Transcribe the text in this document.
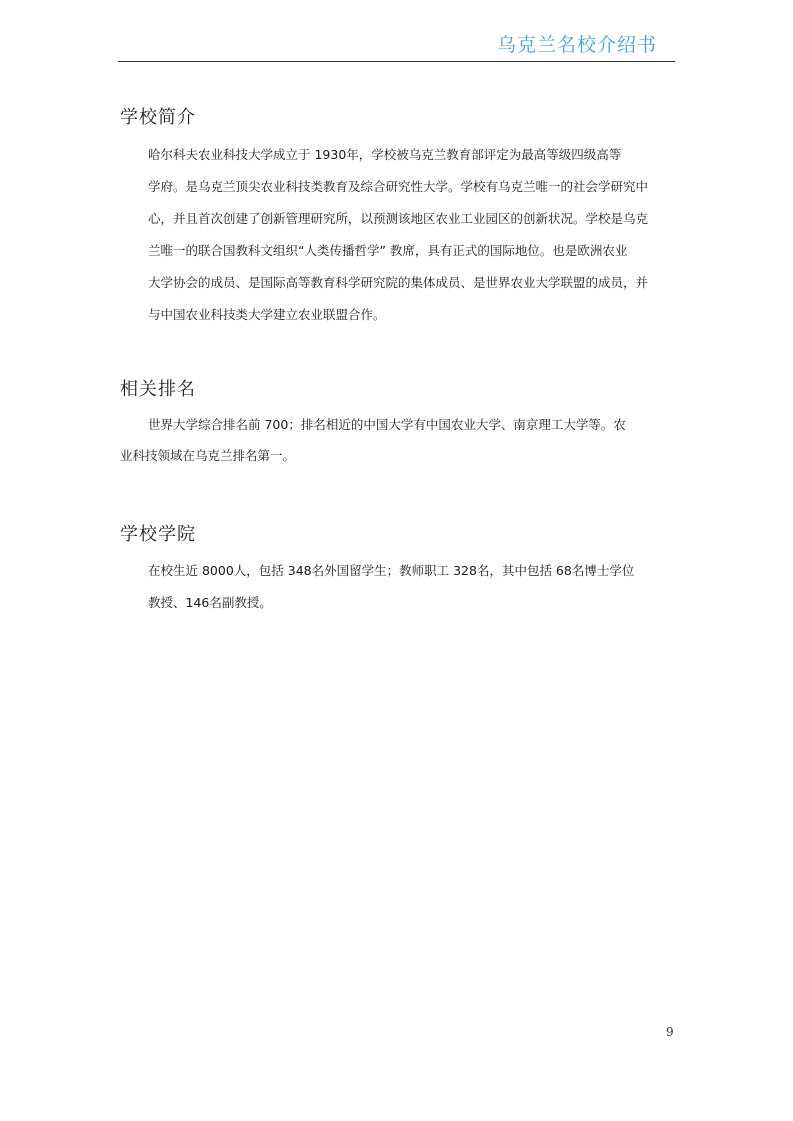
乌克兰名校介绍书
学校简介
哈尔科夫农业科技大学成立于 1930年，学校被乌克兰教育部评定为最高等级四级高等
学府。是乌克兰顶尖农业科技类教育及综合研究性大学。学校有乌克兰唯一的社会学研究中
心，并且首次创建了创新管理研究所，以预测该地区农业工业园区的创新状况。学校是乌克
兰唯一的联合国教科文组织“人类传播哲学” 教席，具有正式的国际地位。也是欧洲农业
大学协会的成员、是国际高等教育科学研究院的集体成员、是世界农业大学联盟的成员，并
与中国农业科技类大学建立农业联盟合作。
相关排名
世界大学综合排名前 700；排名相近的中国大学有中国农业大学、南京理工大学等。农
业科技领域在乌克兰排名第一。
学校学院
在校生近 8000人，包括 348名外国留学生；教师职工 328名，其中包括 68名博士学位
教授、146名副教授。
9
